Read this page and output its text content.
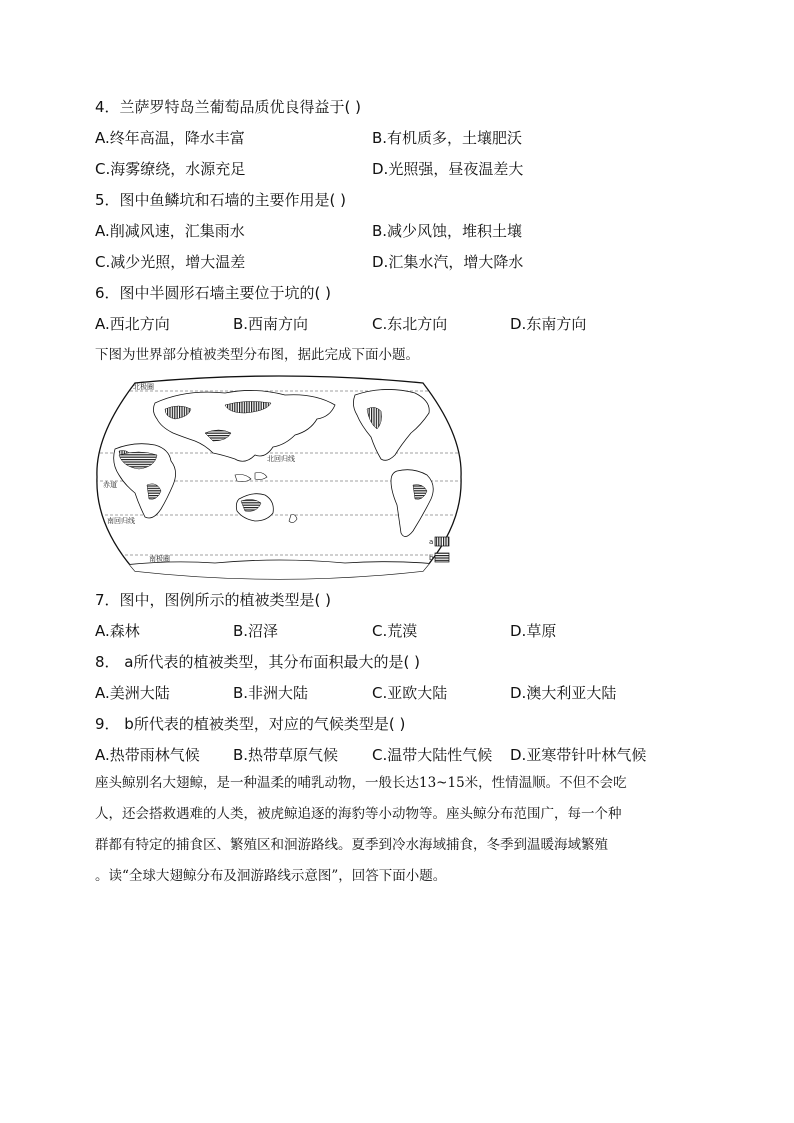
4．兰萨罗特岛兰葡萄品质优良得益于( )
A.终年高温，降水丰富	B.有机质多，土壤肥沃
C.海雾缭绕，水源充足	D.光照强，昼夜温差大
5．图中鱼鳞坑和石墙的主要作用是( )
A.削减风速，汇集雨水	B.减少风蚀，堆积土壤
C.减少光照，增大温差	D.汇集水汽，增大降水
6．图中半圆形石墙主要位于坑的( )
A.西北方向	B.西南方向	C.东北方向	D.东南方向
下图为世界部分植被类型分布图，据此完成下面小题。
北极圈
北回归线
赤道
南回归线
南极圈
a
b
7．图中，图例所示的植被类型是( )
A.森林	B.沼泽	C.荒漠	D.草原
8． a所代表的植被类型，其分布面积最大的是( )
A.美洲大陆	B.非洲大陆	C.亚欧大陆	D.澳大利亚大陆
9． b所代表的植被类型，对应的气候类型是( )
A.热带雨林气候 B.热带草原气候 C.温带大陆性气候 D.亚寒带针叶林气候
座头鲸别名大翅鲸，是一种温柔的哺乳动物，一般长达13~15米，性情温顺。不但不会吃
人，还会搭救遇难的人类，被虎鲸追逐的海豹等小动物等。座头鲸分布范围广，每一个种
群都有特定的捕食区、繁殖区和洄游路线。夏季到冷水海域捕食，冬季到温暖海域繁殖
。读“全球大翅鲸分布及洄游路线示意图”，回答下面小题。
